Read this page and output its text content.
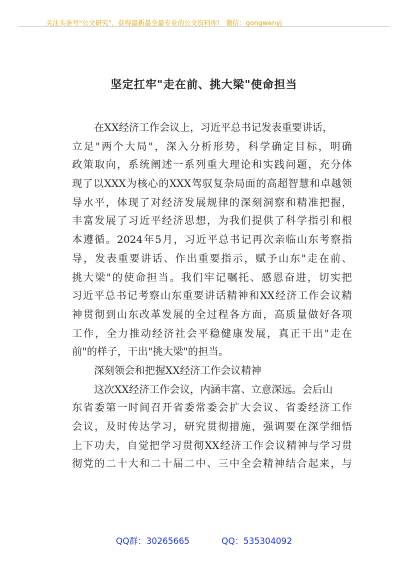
关注头条号"公文研究"，获得最新最全最专业的公文资料库！ 微信：gongwenyj
坚定扛牢"走在前、挑大梁"使命担当
在XX经济工作会议上，习近平总书记发表重要讲话，
立足"两个大局"，深入分析形势，科学确定目标，明确
政策取向，系统阐述一系列重大理论和实践问题，充分体
现了以XXX为核心的XXX驾驭复杂局面的高超智慧和卓越领
导水平，体现了对经济发展规律的深刻洞察和精准把握，
丰富发展了习近平经济思想，为我们提供了科学指引和根
本遵循。2024年5月，习近平总书记再次亲临山东考察指
导，发表重要讲话、作出重要指示，赋予山东"走在前、
挑大梁"的使命担当。我们牢记嘱托、感恩奋进，切实把
习近平总书记考察山东重要讲话精神和XX经济工作会议精
神贯彻到山东改革发展的全过程各方面，高质量做好各项
工作，全力推动经济社会平稳健康发展，真正干出"走在
前"的样子，干出"挑大梁"的担当。
深刻领会和把握XX经济工作会议精神
这次XX经济工作会议，内涵丰富、立意深远。会后山
东省委第一时间召开省委常委会扩大会议、省委经济工作
会议，及时传达学习，研究贯彻措施，强调要在深学细悟
上下功夫，自觉把学习贯彻XX经济工作会议精神与学习贯
彻党的二十大和二十届二中、三中全会精神结合起来，与
QQ群：30265665	QQ：535304092
